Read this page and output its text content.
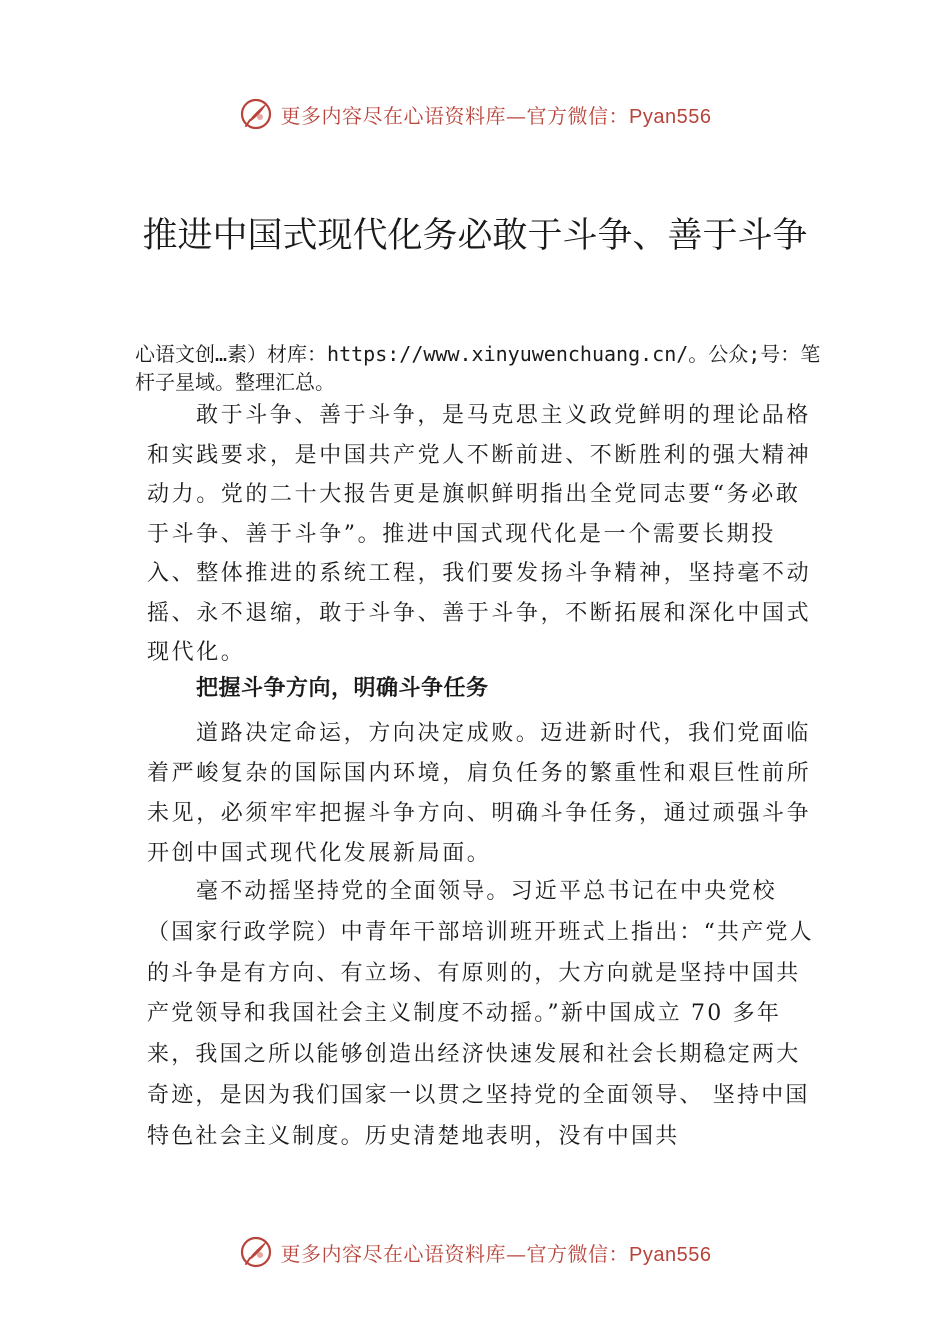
更多内容尽在心语资料库—官方微信：Pyan556
推进中国式现代化务必敢于斗争、善于斗争

心语文创…素）材库：https://www.xinyuwenchuang.cn/。公众;号：笔杆子星域。整理汇总。

敢于斗争、善于斗争，是马克思主义政党鲜明的理论品格和实践要求，是中国共产党人不断前进、不断胜利的强大精神动力。党的二十大报告更是旗帜鲜明指出全党同志要“务必敢于斗争、善于斗争”。推进中国式现代化是一个需要长期投入、整体推进的系统工程，我们要发扬斗争精神，坚持毫不动摇、永不退缩，敢于斗争、善于斗争，不断拓展和深化中国式现代化。

把握斗争方向，明确斗争任务

道路决定命运，方向决定成败。迈进新时代，我们党面临着严峻复杂的国际国内环境，肩负任务的繁重性和艰巨性前所未见，必须牢牢把握斗争方向、明确斗争任务，通过顽强斗争开创中国式现代化发展新局面。

毫不动摇坚持党的全面领导。习近平总书记在中央党校（国家行政学院）中青年干部培训班开班式上指出：“共产党人的斗争是有方向、有立场、有原则的，大方向就是坚持中国共产党领导和我国社会主义制度不动摇。”新中国成立 70 多年来，我国之所以能够创造出经济快速发展和社会长期稳定两大奇迹，是因为我们国家一以贯之坚持党的全面领导、 坚持中国特色社会主义制度。历史清楚地表明，没有中国共

更多内容尽在心语资料库—官方微信：Pyan556
